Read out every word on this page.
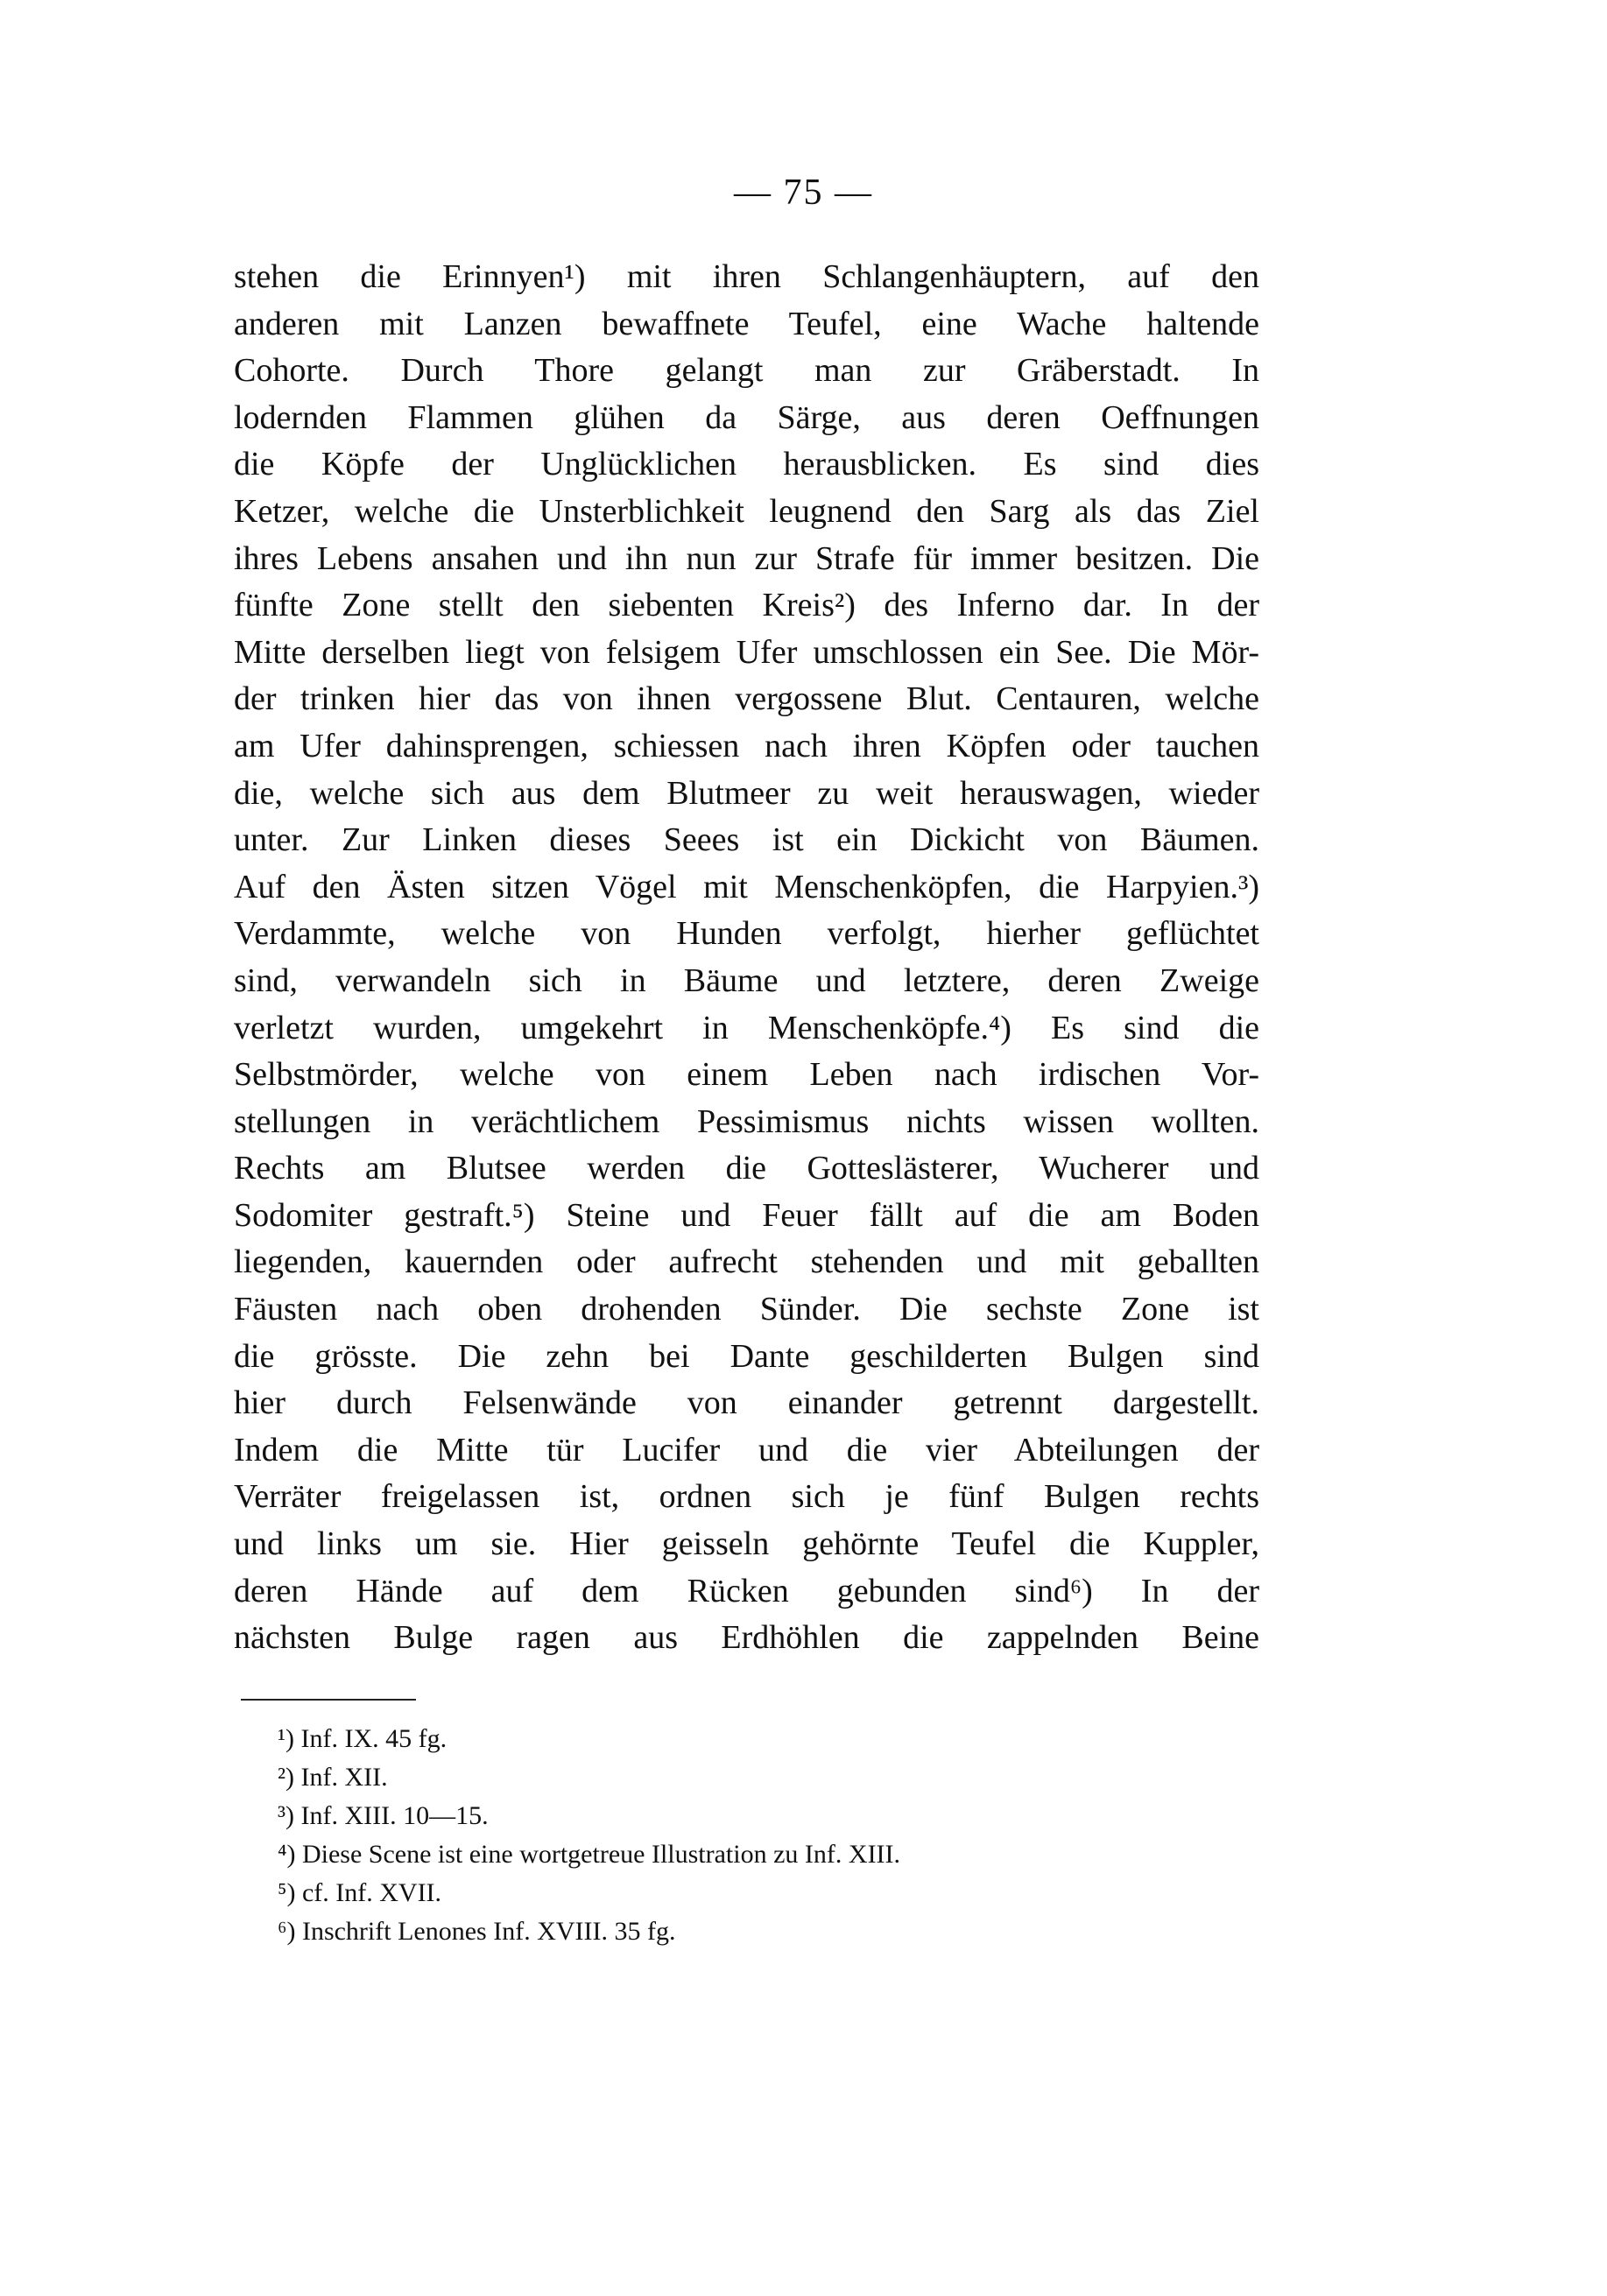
— 75 —
stehen die Erinnyen¹) mit ihren Schlangenhäuptern, auf den
anderen mit Lanzen bewaffnete Teufel, eine Wache haltende
Cohorte. Durch Thore gelangt man zur Gräberstadt. In
lodernden Flammen glühen da Särge, aus deren Oeffnungen
die Köpfe der Unglücklichen herausblicken. Es sind dies
Ketzer, welche die Unsterblichkeit leugnend den Sarg als das Ziel
ihres Lebens ansahen und ihn nun zur Strafe für immer besitzen. Die
fünfte Zone stellt den siebenten Kreis²) des Inferno dar. In der
Mitte derselben liegt von felsigem Ufer umschlossen ein See. Die Mör-
der trinken hier das von ihnen vergossene Blut. Centauren, welche
am Ufer dahinsprengen, schiessen nach ihren Köpfen oder tauchen
die, welche sich aus dem Blutmeer zu weit herauswagen, wieder
unter. Zur Linken dieses Seees ist ein Dickicht von Bäumen.
Auf den Ästen sitzen Vögel mit Menschenköpfen, die Harpyien.³)
Verdammte, welche von Hunden verfolgt, hierher geflüchtet
sind, verwandeln sich in Bäume und letztere, deren Zweige
verletzt wurden, umgekehrt in Menschenköpfe.⁴) Es sind die
Selbstmörder, welche von einem Leben nach irdischen Vor-
stellungen in verächtlichem Pessimismus nichts wissen wollten.
Rechts am Blutsee werden die Gotteslästerer, Wucherer und
Sodomiter gestraft.⁵) Steine und Feuer fällt auf die am Boden
liegenden, kauernden oder aufrecht stehenden und mit geballten
Fäusten nach oben drohenden Sünder. Die sechste Zone ist
die grösste. Die zehn bei Dante geschilderten Bulgen sind
hier durch Felsenwände von einander getrennt dargestellt.
Indem die Mitte tür Lucifer und die vier Abteilungen der
Verräter freigelassen ist, ordnen sich je fünf Bulgen rechts
und links um sie. Hier geisseln gehörnte Teufel die Kuppler,
deren Hände auf dem Rücken gebunden sind⁶) In der
nächsten Bulge ragen aus Erdhöhlen die zappelnden Beine
¹) Inf. IX. 45 fg.
²) Inf. XII.
³) Inf. XIII. 10—15.
⁴) Diese Scene ist eine wortgetreue Illustration zu Inf. XIII.
⁵) cf. Inf. XVII.
⁶) Inschrift Lenones Inf. XVIII. 35 fg.
